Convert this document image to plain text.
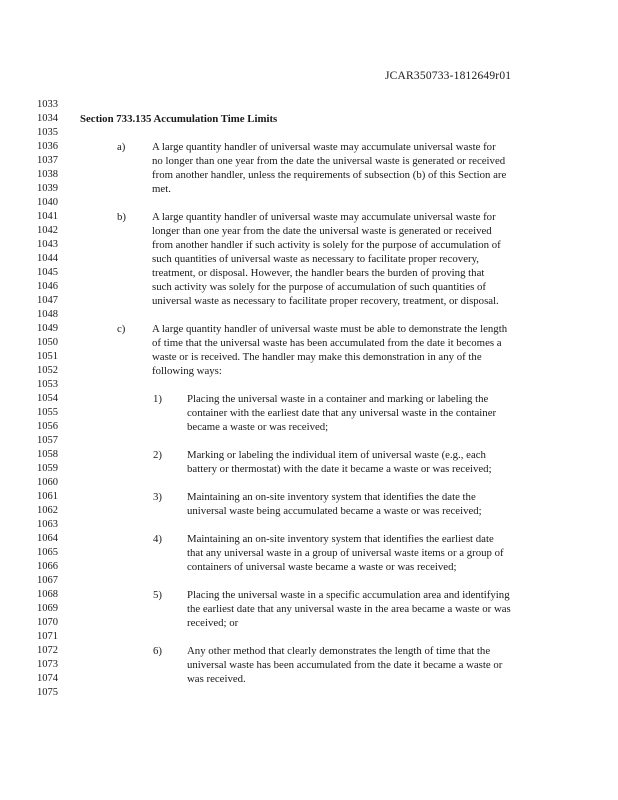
JCAR350733-1812649r01
1033
1034
1035
1036
1037
1038
1039
1040
1041
1042
1043
1044
1045
1046
1047
1048
1049
1050
1051
1052
1053
1054
1055
1056
1057
1058
1059
1060
1061
1062
1063
1064
1065
1066
1067
1068
1069
1070
1071
1072
1073
1074
1075
Section 733.135 Accumulation Time Limits
a) A large quantity handler of universal waste may accumulate universal waste for
no longer than one year from the date the universal waste is generated or received
from another handler, unless the requirements of subsection (b) of this Section are
met.
b) A large quantity handler of universal waste may accumulate universal waste for
longer than one year from the date the universal waste is generated or received
from another handler if such activity is solely for the purpose of accumulation of
such quantities of universal waste as necessary to facilitate proper recovery,
treatment, or disposal. However, the handler bears the burden of proving that
such activity was solely for the purpose of accumulation of such quantities of
universal waste as necessary to facilitate proper recovery, treatment, or disposal.
c) A large quantity handler of universal waste must be able to demonstrate the length
of time that the universal waste has been accumulated from the date it becomes a
waste or is received. The handler may make this demonstration in any of the
following ways:
1) Placing the universal waste in a container and marking or labeling the
container with the earliest date that any universal waste in the container
became a waste or was received;
2) Marking or labeling the individual item of universal waste (e.g., each
battery or thermostat) with the date it became a waste or was received;
3) Maintaining an on-site inventory system that identifies the date the
universal waste being accumulated became a waste or was received;
4) Maintaining an on-site inventory system that identifies the earliest date
that any universal waste in a group of universal waste items or a group of
containers of universal waste became a waste or was received;
5) Placing the universal waste in a specific accumulation area and identifying
the earliest date that any universal waste in the area became a waste or was
received; or
6) Any other method that clearly demonstrates the length of time that the
universal waste has been accumulated from the date it became a waste or
was received.
